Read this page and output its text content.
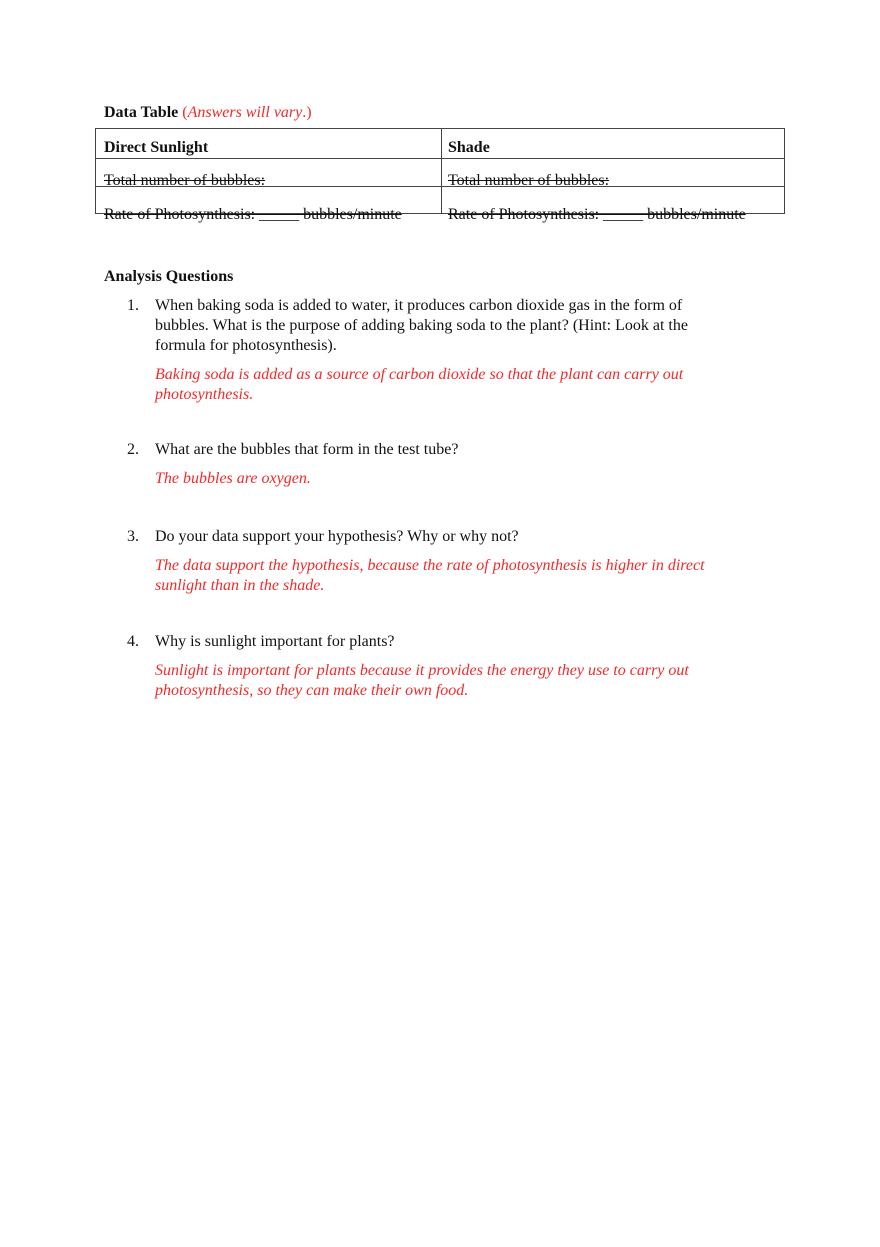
Data Table (Answers will vary.)
Direct Sunlight	Shade
Total number of bubbles:	Total number of bubbles:
Rate of Photosynthesis: _____ bubbles/minute	Rate of Photosynthesis: _____ bubbles/minute
Analysis Questions
1. When baking soda is added to water, it produces carbon dioxide gas in the form of bubbles. What is the purpose of adding baking soda to the plant? (Hint: Look at the formula for photosynthesis).
Baking soda is added as a source of carbon dioxide so that the plant can carry out photosynthesis.
2. What are the bubbles that form in the test tube?
The bubbles are oxygen.
3. Do your data support your hypothesis? Why or why not?
The data support the hypothesis, because the rate of photosynthesis is higher in direct sunlight than in the shade.
4. Why is sunlight important for plants?
Sunlight is important for plants because it provides the energy they use to carry out photosynthesis, so they can make their own food.
